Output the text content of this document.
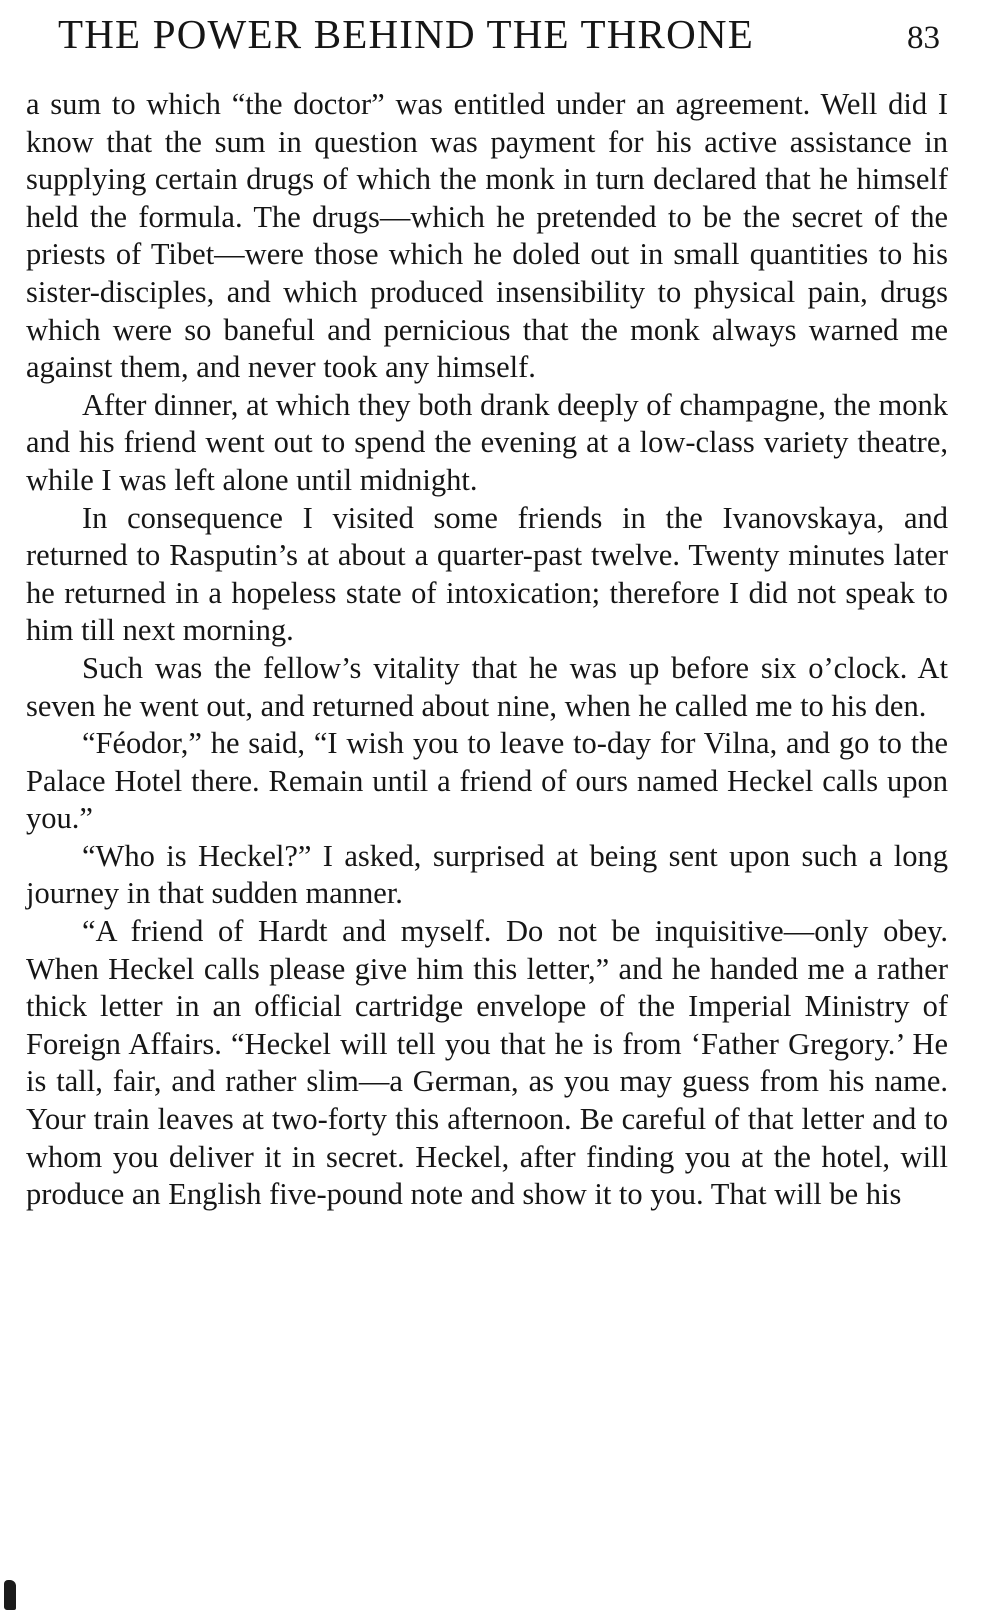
THE POWER BEHIND THE THRONE	83

a sum to which “the doctor” was entitled under an agreement. Well did I know that the sum in question was payment for his active assistance in supplying certain drugs of which the monk in turn declared that he himself held the formula. The drugs—which he pretended to be the secret of the priests of Tibet—were those which he doled out in small quantities to his sister-disciples, and which produced insensibility to physical pain, drugs which were so baneful and pernicious that the monk always warned me against them, and never took any himself.

After dinner, at which they both drank deeply of champagne, the monk and his friend went out to spend the evening at a low-class variety theatre, while I was left alone until midnight.

In consequence I visited some friends in the Ivanovskaya, and returned to Rasputin’s at about a quarter-past twelve. Twenty minutes later he returned in a hopeless state of intoxication; therefore I did not speak to him till next morning.

Such was the fellow’s vitality that he was up before six o’clock. At seven he went out, and returned about nine, when he called me to his den.

“Féodor,” he said, “I wish you to leave to-day for Vilna, and go to the Palace Hotel there. Remain until a friend of ours named Heckel calls upon you.”

“Who is Heckel?” I asked, surprised at being sent upon such a long journey in that sudden manner.

“A friend of Hardt and myself. Do not be inquisitive—only obey. When Heckel calls please give him this letter,” and he handed me a rather thick letter in an official cartridge envelope of the Imperial Ministry of Foreign Affairs. “Heckel will tell you that he is from ‘Father Gregory.’ He is tall, fair, and rather slim—a German, as you may guess from his name. Your train leaves at two-forty this afternoon. Be careful of that letter and to whom you deliver it in secret. Heckel, after finding you at the hotel, will produce an English five-pound note and show it to you. That will be his
